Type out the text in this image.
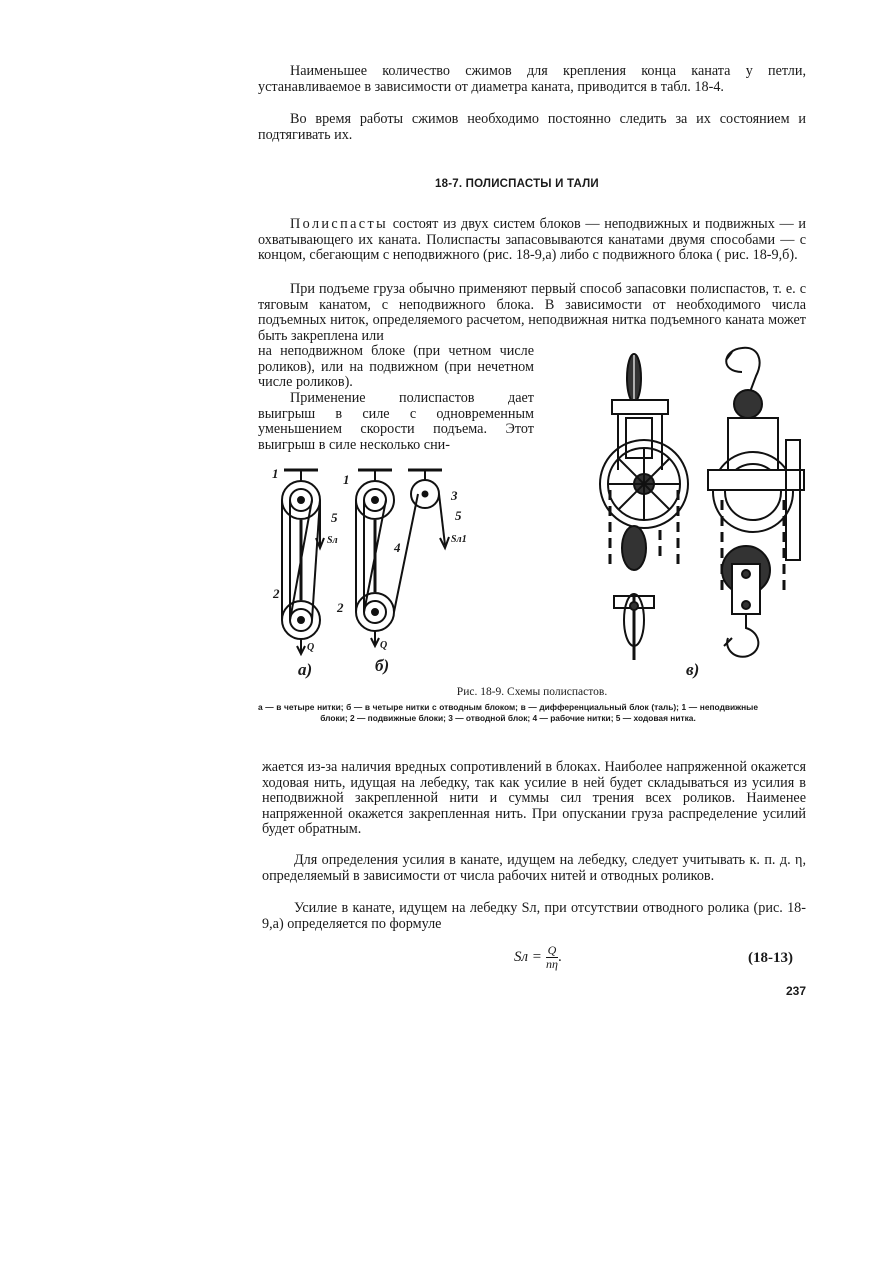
Наименьшее количество сжимов для крепления конца каната у петли, устанавливаемое в зависимости от диаметра каната, приводится в табл. 18-4.
Во время работы сжимов необходимо постоянно следить за их состоянием и подтягивать их.
18-7. ПОЛИСПАСТЫ И ТАЛИ
Полиспасты состоят из двух систем блоков — неподвижных и подвижных — и охватывающего их каната. Полиспасты запасовываются канатами двумя способами — с концом, сбегающим с неподвижного (рис. 18-9,а) либо с подвижного блока ( рис. 18-9,б).
При подъеме груза обычно применяют первый способ запасовки полиспастов, т. е. с тяговым канатом, с неподвижного блока. В зависимости от необходимого числа подъемных ниток, определяемого расчетом, неподвижная нитка подъемного каната может быть закреплена или
на неподвижном блоке (при четном числе роликов), или на подвижном (при нечетном числе роликов).
Применение полиспастов дает выигрыш в силе с одновременным уменьшением скорости подъема. Этот выигрыш в силе несколько сни-
1
5
Sл
2
Q
а)
1
4
3
5
Sл1
2
Q
б)	в)
Рис. 18-9. Схемы полиспастов.
а — в четыре нитки; б — в четыре нитки с отводным блоком; в — дифференциальный блок (таль); 1 — неподвижные блоки; 2 — подвижные блоки; 3 — отводной блок; 4 — рабочие нитки; 5 — ходовая нитка.
жается из-за наличия вредных сопротивлений в блоках. Наиболее напряженной окажется ходовая нить, идущая на лебедку, так как усилие в ней будет складываться из усилия в неподвижной закрепленной нити и суммы сил трения всех роликов. Наименее напряженной окажется закрепленная нить. При опускании груза распределение усилий будет обратным.
Для определения усилия в канате, идущем на лебедку, следует учитывать к. п. д. η, определяемый в зависимости от числа рабочих нитей и отводных роликов.
Усилие в канате, идущем на лебедку Sл, при отсутствии отводного ролика (рис. 18-9,а) определяется по формуле
Sл = $\frac{Q}{n\eta}$ .	(18-13)
237
